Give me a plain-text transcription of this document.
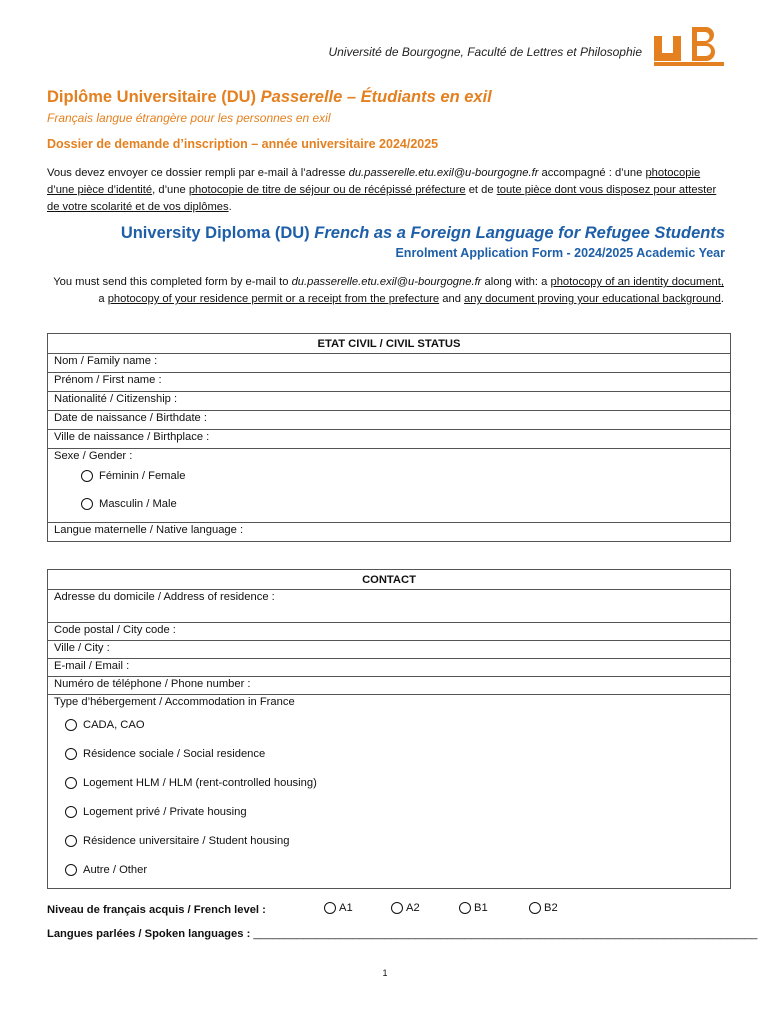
Université de Bourgogne, Faculté de Lettres et Philosophie
Diplôme Universitaire (DU) Passerelle – Étudiants en exil
Français langue étrangère pour les personnes en exil
Dossier de demande d’inscription – année universitaire 2024/2025
Vous devez envoyer ce dossier rempli par e-mail à l’adresse du.passerelle.etu.exil@u-bourgogne.fr accompagné : d’une photocopie d’une pièce d’identité, d’une photocopie de titre de séjour ou de récépissé préfecture et de toute pièce dont vous disposez pour attester de votre scolarité et de vos diplômes.
University Diploma (DU) French as a Foreign Language for Refugee Students
Enrolment Application Form - 2024/2025 Academic Year
You must send this completed form by e-mail to du.passerelle.etu.exil@u-bourgogne.fr along with: a photocopy of an identity document, a photocopy of your residence permit or a receipt from the prefecture and any document proving your educational background.
ETAT CIVIL / CIVIL STATUS
Nom / Family name :
Prénom / First name :
Nationalité / Citizenship :
Date de naissance / Birthdate :
Ville de naissance / Birthplace :

Sexe / Gender :
Féminin / Female
Masculin / Male

Langue maternelle / Native language :
CONTACT
Adresse du domicile / Address of residence :
Code postal / City code :
Ville / City :
E-mail / Email :
Numéro de téléphone / Phone number :

Type d’hébergement / Accommodation in France
CADA, CAO
Résidence sociale / Social residence
Logement HLM / HLM (rent-controlled housing)
Logement privé / Private housing
Résidence universitaire / Student housing
Autre / Other
Niveau de français acquis / French level :	A1	A2	B1	B2
Langues parlées / Spoken languages : _________________________________________________________________________________
1
